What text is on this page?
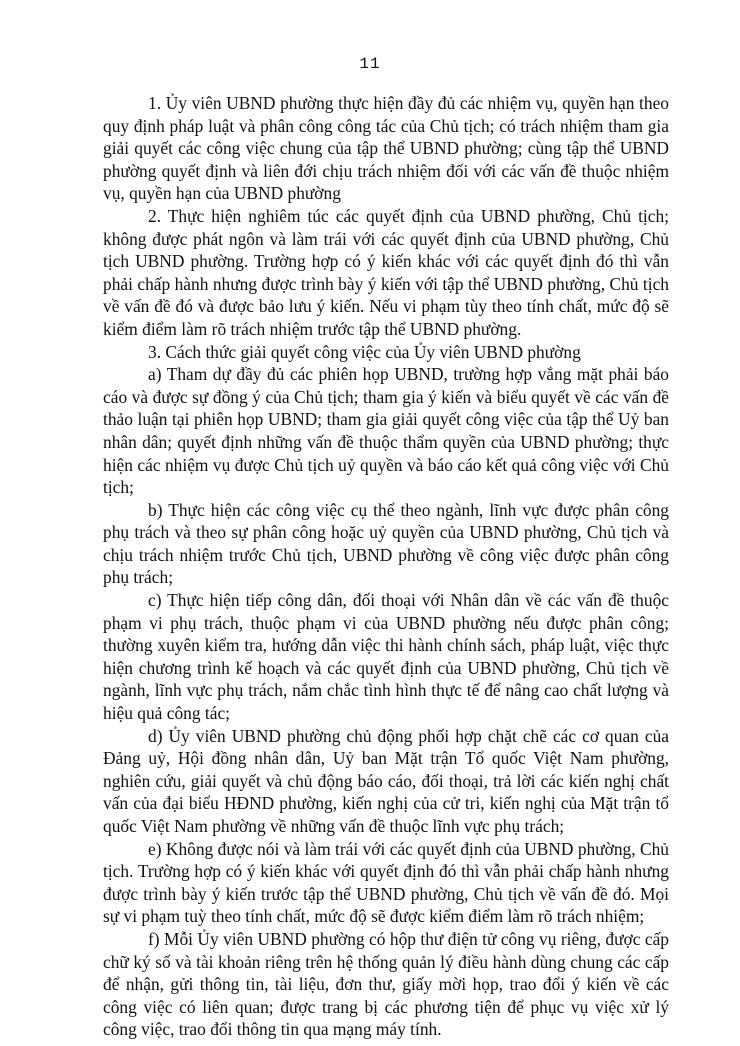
11

1. Ủy viên UBND phường thực hiện đầy đủ các nhiệm vụ, quyền hạn theo quy định pháp luật và phân công công tác của Chủ tịch; có trách nhiệm tham gia giải quyết các công việc chung của tập thể UBND phường; cùng tập thể UBND phường quyết định và liên đới chịu trách nhiệm đối với các vấn đề thuộc nhiệm vụ, quyền hạn của UBND phường

2. Thực hiện nghiêm túc các quyết định của UBND phường, Chủ tịch; không được phát ngôn và làm trái với các quyết định của UBND phường, Chủ tịch UBND phường. Trường hợp có ý kiến khác với các quyết định đó thì vẫn phải chấp hành nhưng được trình bày ý kiến với tập thể UBND phường, Chủ tịch về vấn đề đó và được bảo lưu ý kiến. Nếu vi phạm tùy theo tính chất, mức độ sẽ kiểm điểm làm rõ trách nhiệm trước tập thể UBND phường.

3. Cách thức giải quyết công việc của Ủy viên UBND phường

a) Tham dự đầy đủ các phiên họp UBND, trường hợp vắng mặt phải báo cáo và được sự đồng ý của Chủ tịch; tham gia ý kiến và biểu quyết về các vấn đề thảo luận tại phiên họp UBND; tham gia giải quyết công việc của tập thể Uỷ ban nhân dân; quyết định những vấn đề thuộc thẩm quyền của UBND phường; thực hiện các nhiệm vụ được Chủ tịch uỷ quyền và báo cáo kết quả công việc với Chủ tịch;

b) Thực hiện các công việc cụ thể theo ngành, lĩnh vực được phân công phụ trách và theo sự phân công hoặc uỷ quyền của UBND phường, Chủ tịch và chịu trách nhiệm trước Chủ tịch, UBND phường về công việc được phân công phụ trách;

c) Thực hiện tiếp công dân, đối thoại với Nhân dân về các vấn đề thuộc phạm vi phụ trách, thuộc phạm vi của UBND phường nếu được phân công; thường xuyên kiểm tra, hướng dẫn việc thi hành chính sách, pháp luật, việc thực hiện chương trình kế hoạch và các quyết định của UBND phường, Chủ tịch về ngành, lĩnh vực phụ trách, nắm chắc tình hình thực tế để nâng cao chất lượng và hiệu quả công tác;

d) Ủy viên UBND phường chủ động phối hợp chặt chẽ các cơ quan của Đảng uỷ, Hội đồng nhân dân, Uỷ ban Mặt trận Tổ quốc Việt Nam phường, nghiên cứu, giải quyết và chủ động báo cáo, đối thoại, trả lời các kiến nghị chất vấn của đại biểu HĐND phường, kiến nghị của cử tri, kiến nghị của Mặt trận tổ quốc Việt Nam phường về những vấn đề thuộc lĩnh vực phụ trách;

e) Không được nói và làm trái với các quyết định của UBND phường, Chủ tịch. Trường hợp có ý kiến khác với quyết định đó thì vẫn phải chấp hành nhưng được trình bày ý kiến trước tập thể UBND phường, Chủ tịch về vấn đề đó. Mọi sự vi phạm tuỳ theo tính chất, mức độ sẽ được kiểm điểm làm rõ trách nhiệm;

f) Mỗi Ủy viên UBND phường có hộp thư điện tử công vụ riêng, được cấp chữ ký số và tài khoản riêng trên hệ thống quản lý điều hành dùng chung các cấp để nhận, gửi thông tin, tài liệu, đơn thư, giấy mời họp, trao đổi ý kiến về các công việc có liên quan; được trang bị các phương tiện để phục vụ việc xử lý công việc, trao đổi thông tin qua mạng máy tính.
